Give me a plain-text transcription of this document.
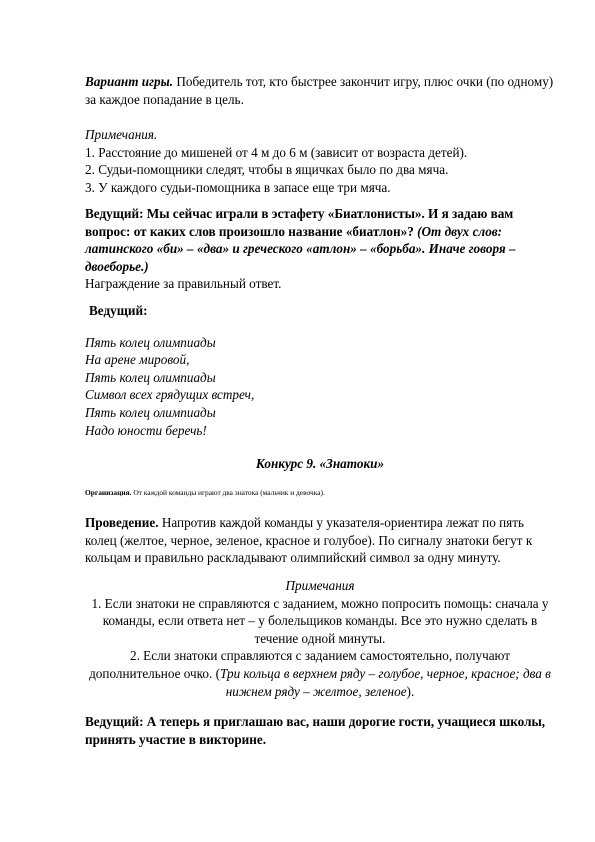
Вариант игры. Победитель тот, кто быстрее закончит игру, плюс очки (по одному) за каждое попадание в цель.

Примечания.

1. Расстояние до мишеней от 4 м до 6 м (зависит от возраста детей).

2. Судьи-помощники следят, чтобы в ящичках было по два мяча.

3. У каждого судьи-помощника в запасе еще три мяча.

Ведущий: Мы сейчас играли в эстафету «Биатлонисты». И я задаю вам вопрос: от каких слов произошло название «биатлон»? (От двух слов: латинского «би» – «два» и греческого «атлон» – «борьба». Иначе говоря – двоеборье.)

Награждение за правильный ответ.

Ведущий:

Пять колец олимпиады

На арене мировой,

Пять колец олимпиады

Символ всех грядущих встреч,

Пять колец олимпиады

Надо юности беречь!

Конкурс 9. «Знатоки»

Организация. От каждой команды играют два знатока (мальчик и девочка).

Проведение. Напротив каждой команды у указателя-ориентира лежат по пять колец (желтое, черное, зеленое, красное и голубое). По сигналу знатоки бегут к кольцам и правильно раскладывают олимпийский символ за одну минуту.

Примечания

1. Если знатоки не справляются с заданием, можно попросить помощь: сначала у команды, если ответа нет – у болельщиков команды. Все это нужно сделать в течение одной минуты.

2. Если знатоки справляются с заданием самостоятельно, получают дополнительное очко. (Три кольца в верхнем ряду – голубое, черное, красное; два в нижнем ряду – желтое, зеленое).

Ведущий: А теперь я приглашаю вас, наши дорогие гости, учащиеся школы, принять участие в викторине.
